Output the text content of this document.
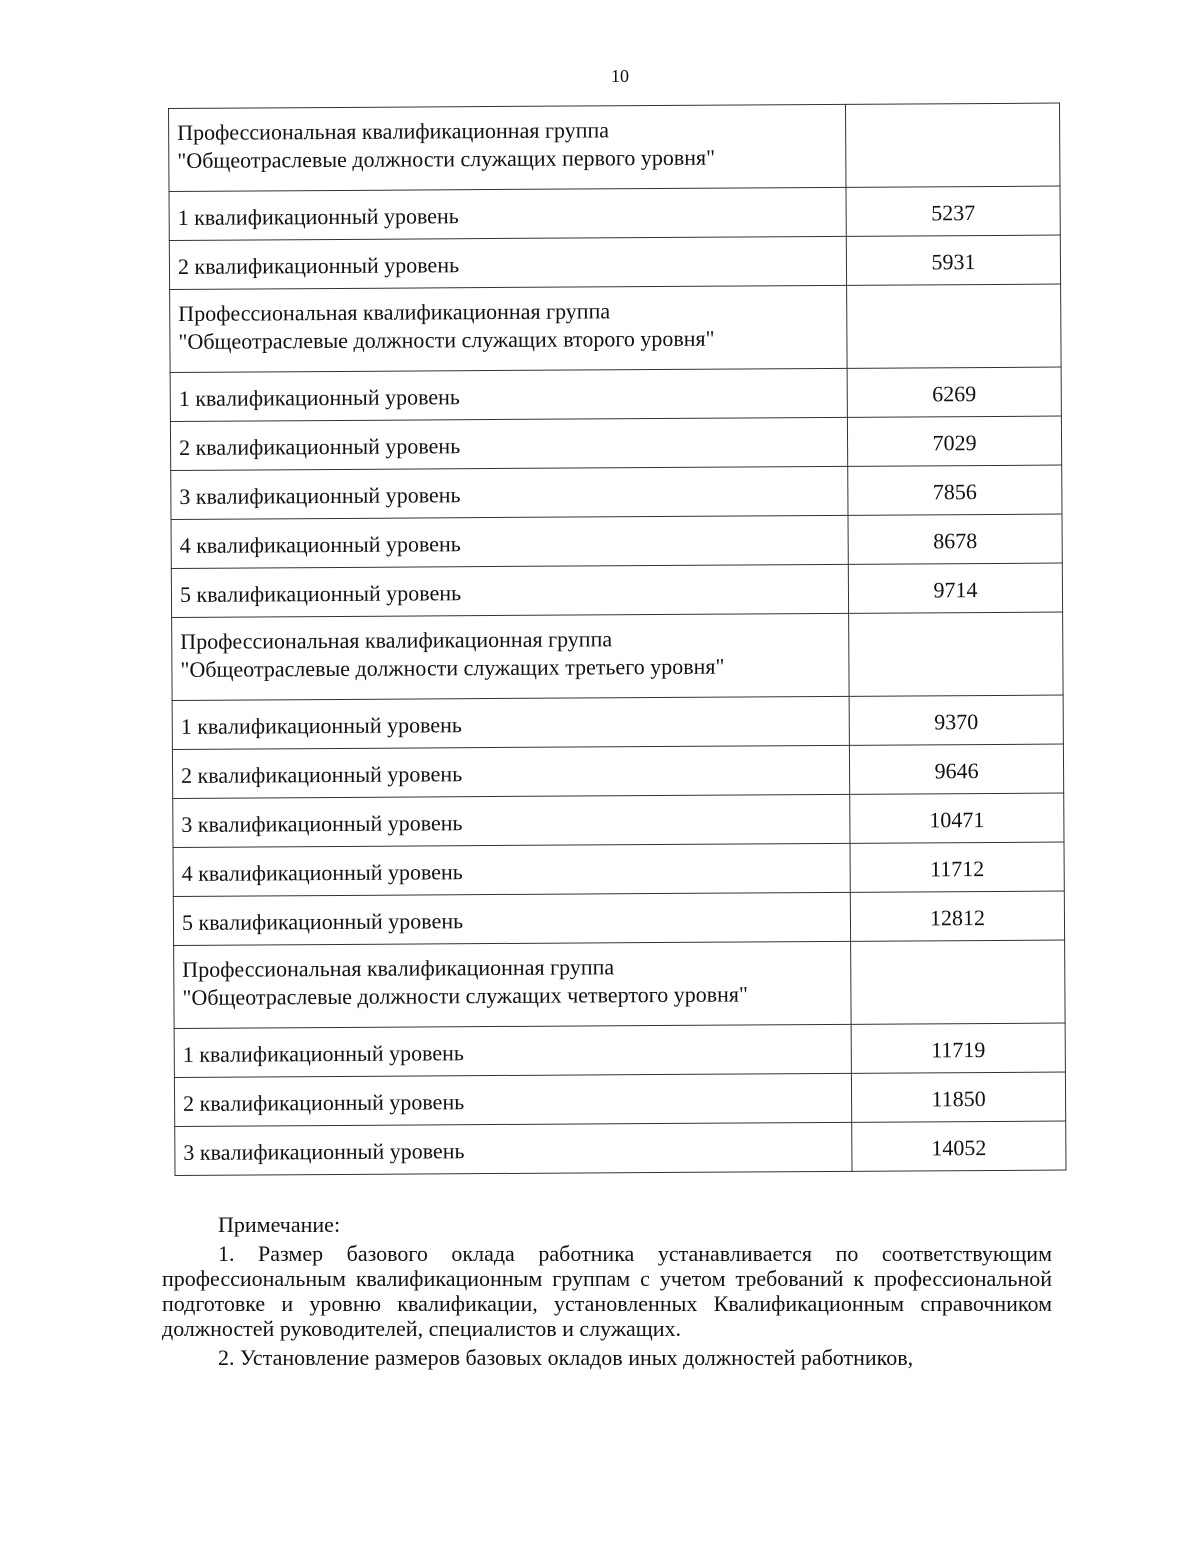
10
Профессиональная квалификационная группа
"Общеотраслевые должности служащих первого уровня"	
1 квалификационный уровень	5237
2 квалификационный уровень	5931
Профессиональная квалификационная группа
"Общеотраслевые должности служащих второго уровня"	
1 квалификационный уровень	6269
2 квалификационный уровень	7029
3 квалификационный уровень	7856
4 квалификационный уровень	8678
5 квалификационный уровень	9714
Профессиональная квалификационная группа
"Общеотраслевые должности служащих третьего уровня"	
1 квалификационный уровень	9370
2 квалификационный уровень	9646
3 квалификационный уровень	10471
4 квалификационный уровень	11712
5 квалификационный уровень	12812
Профессиональная квалификационная группа
"Общеотраслевые должности служащих четвертого уровня"	
1 квалификационный уровень	11719
2 квалификационный уровень	11850
3 квалификационный уровень	14052
Примечание:

1. Размер базового оклада работника устанавливается по соответствующим профессиональным квалификационным группам с учетом требований к профессиональной подготовке и уровню квалификации, установленных Квалификационным справочником должностей руководителей, специалистов и служащих.

2. Установление размеров базовых окладов иных должностей работников,
